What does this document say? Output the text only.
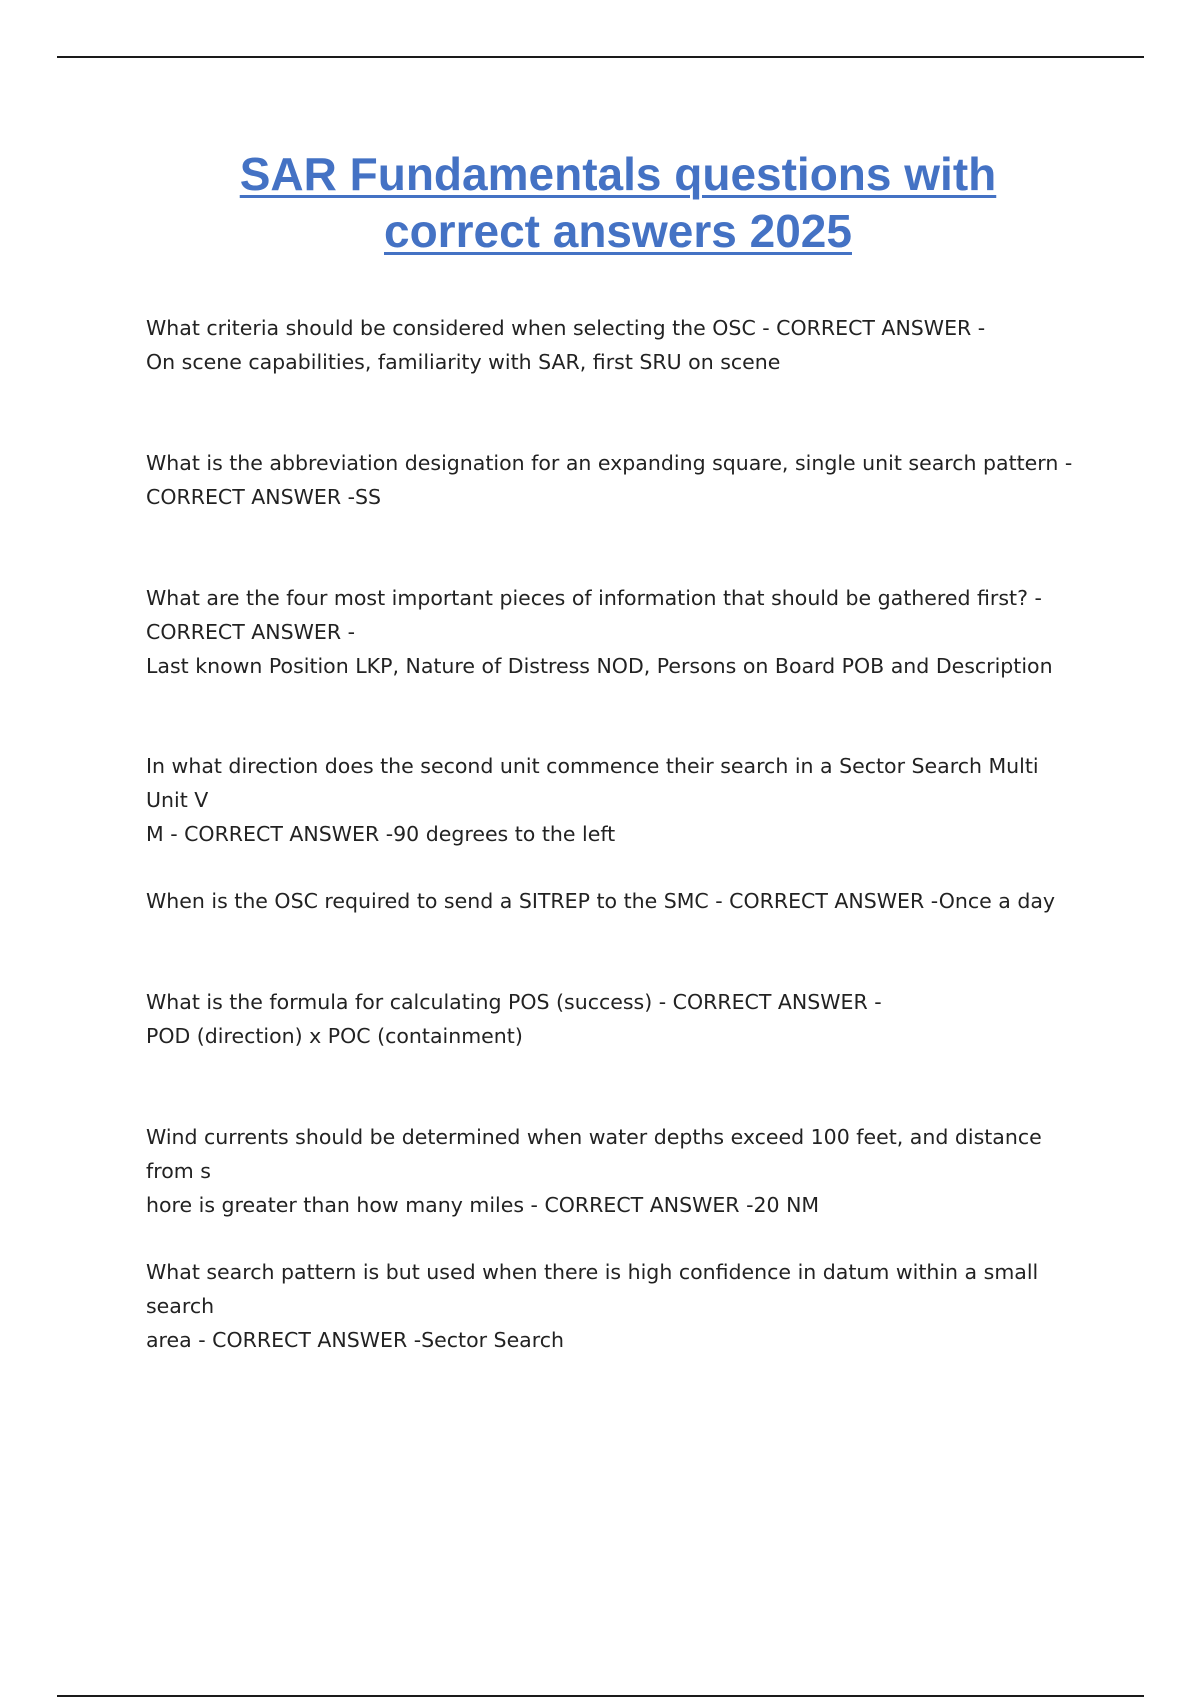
SAR Fundamentals questions with
correct answers 2025

What criteria should be considered when selecting the OSC - CORRECT ANSWER -
On scene capabilities, familiarity with SAR, first SRU on scene

What is the abbreviation designation for an expanding square, single unit search pattern -
CORRECT ANSWER -SS

What are the four most important pieces of information that should be gathered first? -
CORRECT ANSWER -
Last known Position LKP, Nature of Distress NOD, Persons on Board POB and Description

In what direction does the second unit commence their search in a Sector Search Multi Unit V
M - CORRECT ANSWER -90 degrees to the left

When is the OSC required to send a SITREP to the SMC - CORRECT ANSWER -Once a day

What is the formula for calculating POS (success) - CORRECT ANSWER -
POD (direction) x POC (containment)

Wind currents should be determined when water depths exceed 100 feet, and distance from s
hore is greater than how many miles - CORRECT ANSWER -20 NM

What search pattern is but used when there is high confidence in datum within a small search
area - CORRECT ANSWER -Sector Search
